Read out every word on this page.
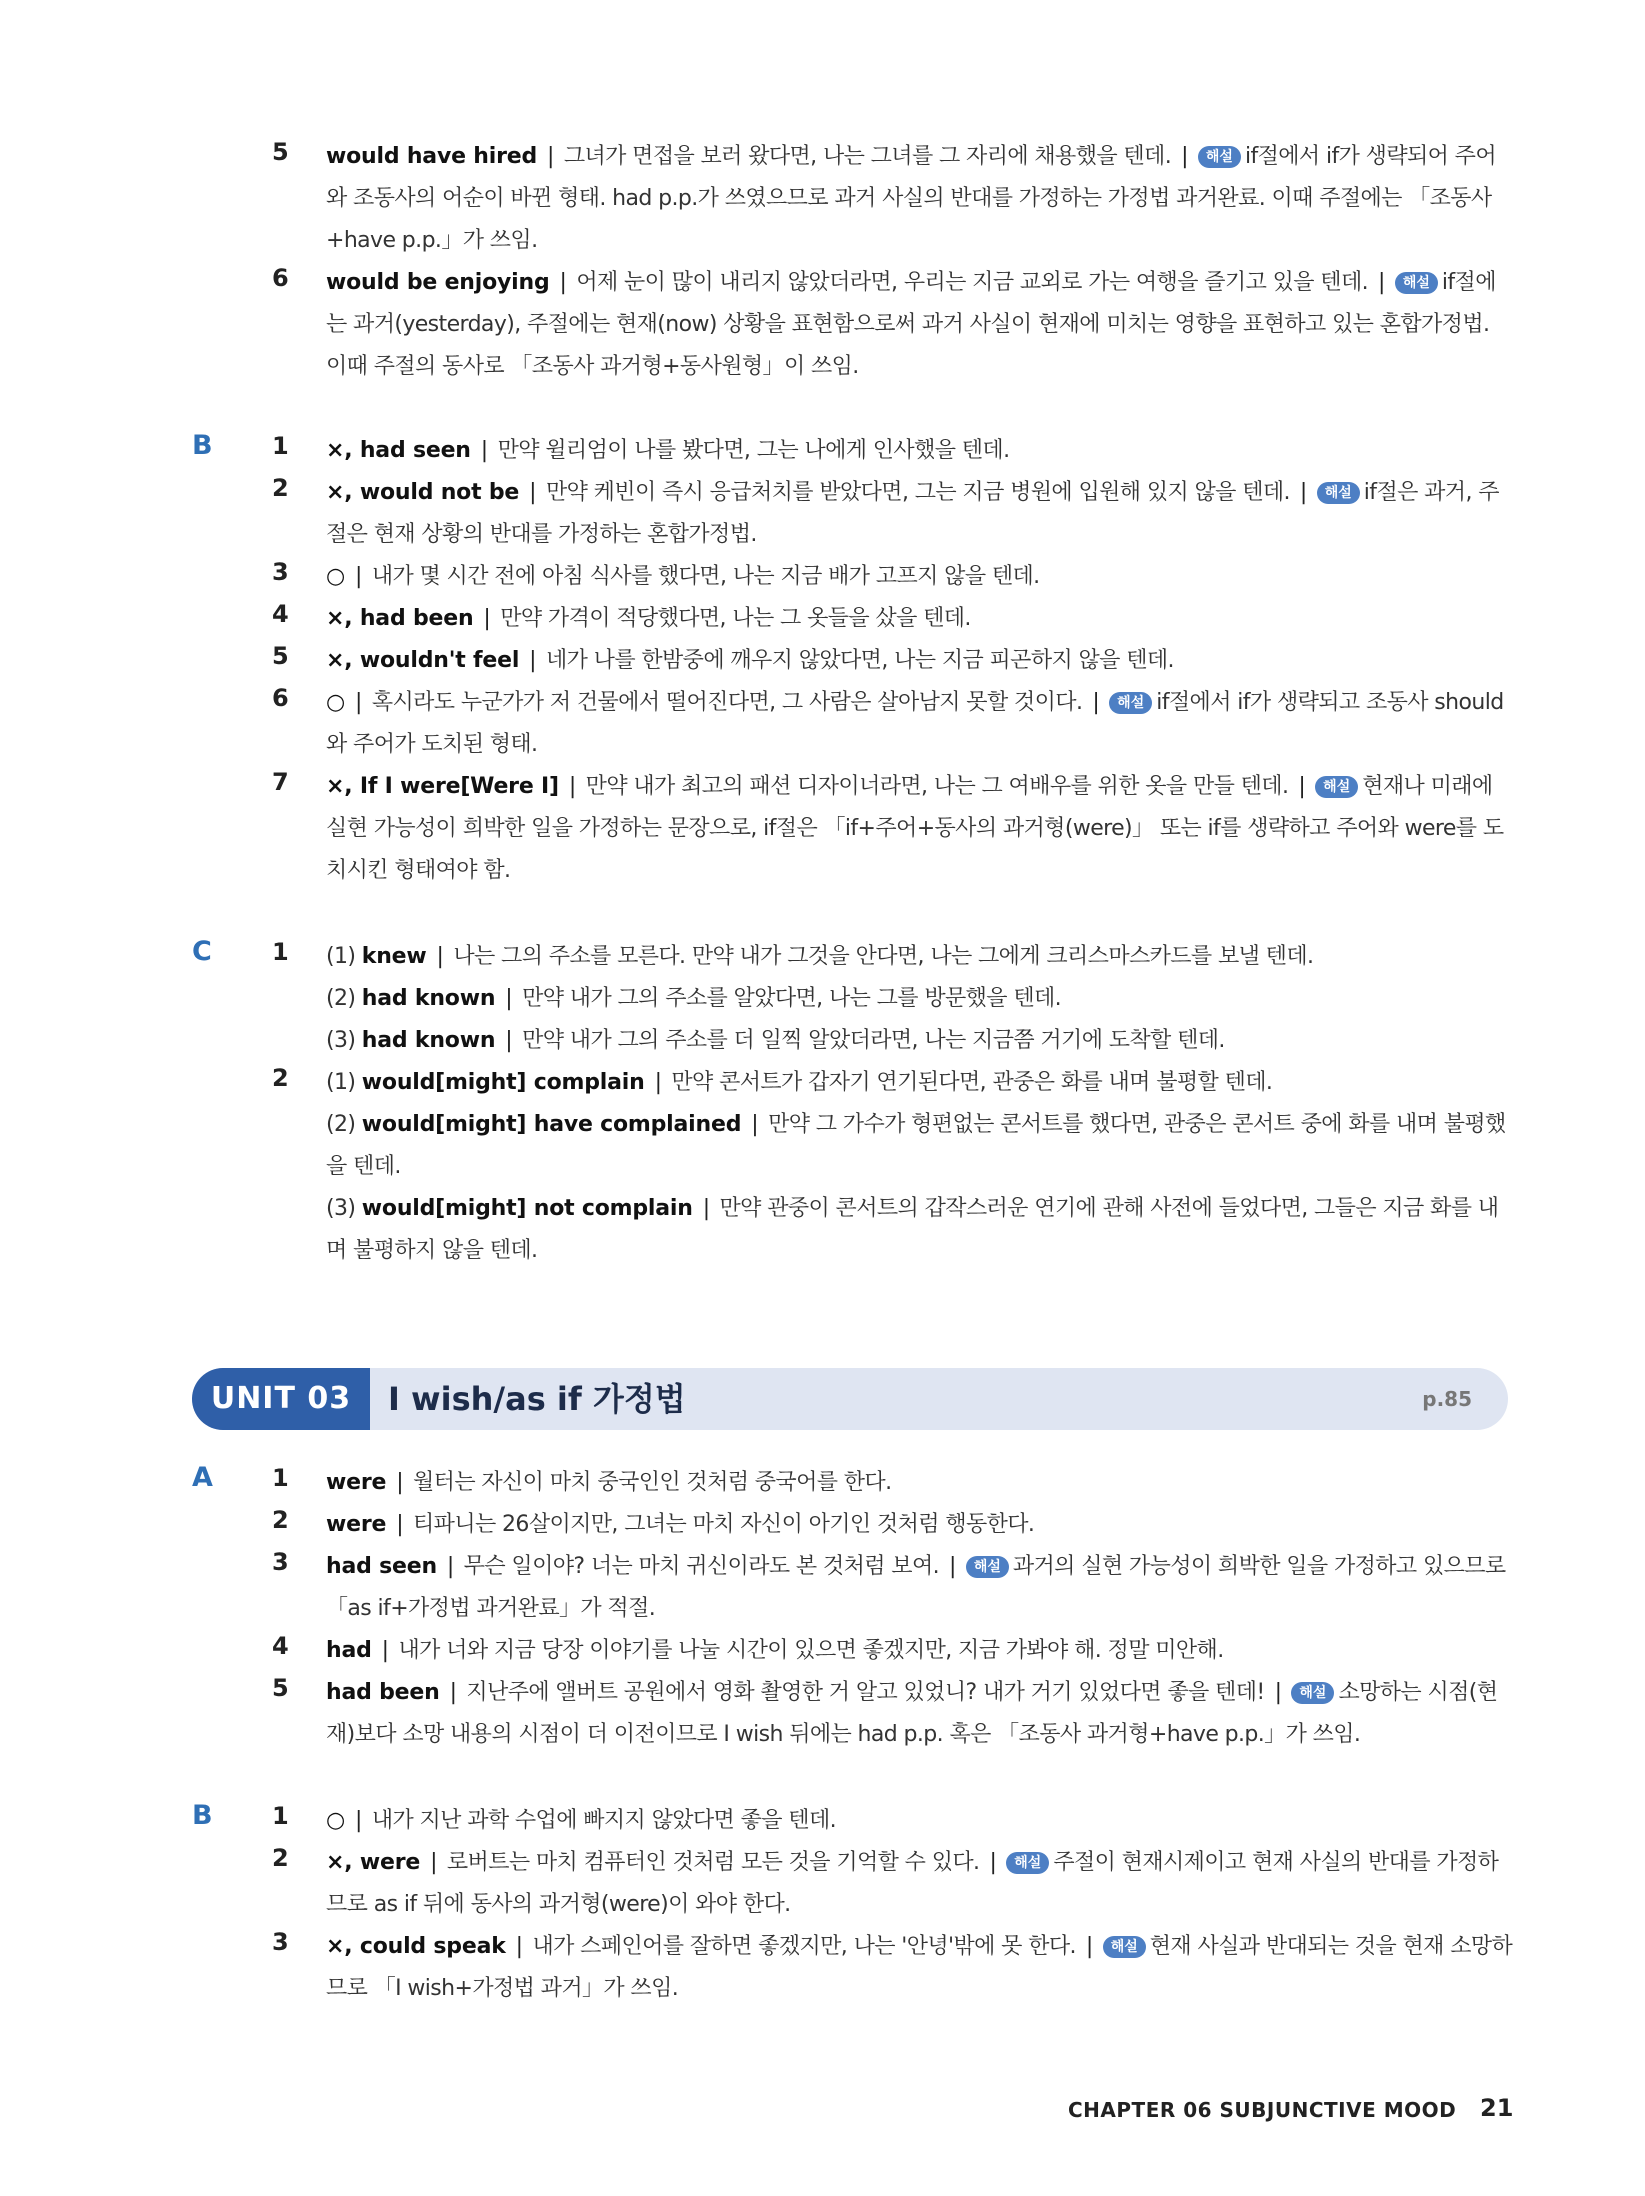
5	would have hired | 그녀가 면접을 보러 왔다면, 나는 그녀를 그 자리에 채용했을 텐데. | 해설 if절에서 if가 생략되어 주어와 조동사의 어순이 바뀐 형태. had p.p.가 쓰였으므로 과거 사실의 반대를 가정하는 가정법 과거완료. 이때 주절에는 「조동사+have p.p.」가 쓰임.
6	would be enjoying | 어제 눈이 많이 내리지 않았더라면, 우리는 지금 교외로 가는 여행을 즐기고 있을 텐데. | 해설 if절에는 과거(yesterday), 주절에는 현재(now) 상황을 표현함으로써 과거 사실이 현재에 미치는 영향을 표현하고 있는 혼합가정법. 이때 주절의 동사로 「조동사 과거형+동사원형」이 쓰임.
B	1	×, had seen | 만약 윌리엄이 나를 봤다면, 그는 나에게 인사했을 텐데.
2	×, would not be | 만약 케빈이 즉시 응급처치를 받았다면, 그는 지금 병원에 입원해 있지 않을 텐데. | 해설 if절은 과거, 주절은 현재 상황의 반대를 가정하는 혼합가정법.
3	○ | 내가 몇 시간 전에 아침 식사를 했다면, 나는 지금 배가 고프지 않을 텐데.
4	×, had been | 만약 가격이 적당했다면, 나는 그 옷들을 샀을 텐데.
5	×, wouldn't feel | 네가 나를 한밤중에 깨우지 않았다면, 나는 지금 피곤하지 않을 텐데.
6	○ | 혹시라도 누군가가 저 건물에서 떨어진다면, 그 사람은 살아남지 못할 것이다. | 해설 if절에서 if가 생략되고 조동사 should와 주어가 도치된 형태.
7	×, If I were[Were I] | 만약 내가 최고의 패션 디자이너라면, 나는 그 여배우를 위한 옷을 만들 텐데. | 해설 현재나 미래에 실현 가능성이 희박한 일을 가정하는 문장으로, if절은 「if+주어+동사의 과거형(were)」 또는 if를 생략하고 주어와 were를 도치시킨 형태여야 함.
C	1	(1) knew | 나는 그의 주소를 모른다. 만약 내가 그것을 안다면, 나는 그에게 크리스마스카드를 보낼 텐데.
(2) had known | 만약 내가 그의 주소를 알았다면, 나는 그를 방문했을 텐데.
(3) had known | 만약 내가 그의 주소를 더 일찍 알았더라면, 나는 지금쯤 거기에 도착할 텐데.
2	(1) would[might] complain | 만약 콘서트가 갑자기 연기된다면, 관중은 화를 내며 불평할 텐데.
(2) would[might] have complained | 만약 그 가수가 형편없는 콘서트를 했다면, 관중은 콘서트 중에 화를 내며 불평했을 텐데.
(3) would[might] not complain | 만약 관중이 콘서트의 갑작스러운 연기에 관해 사전에 들었다면, 그들은 지금 화를 내며 불평하지 않을 텐데.
UNIT 03	I wish/as if 가정법	p.85
A	1	were | 월터는 자신이 마치 중국인인 것처럼 중국어를 한다.
2	were | 티파니는 26살이지만, 그녀는 마치 자신이 아기인 것처럼 행동한다.
3	had seen | 무슨 일이야? 너는 마치 귀신이라도 본 것처럼 보여. | 해설 과거의 실현 가능성이 희박한 일을 가정하고 있으므로 「as if+가정법 과거완료」가 적절.
4	had | 내가 너와 지금 당장 이야기를 나눌 시간이 있으면 좋겠지만, 지금 가봐야 해. 정말 미안해.
5	had been | 지난주에 앨버트 공원에서 영화 촬영한 거 알고 있었니? 내가 거기 있었다면 좋을 텐데! | 해설 소망하는 시점(현재)보다 소망 내용의 시점이 더 이전이므로 I wish 뒤에는 had p.p. 혹은 「조동사 과거형+have p.p.」가 쓰임.
B	1	○ | 내가 지난 과학 수업에 빠지지 않았다면 좋을 텐데.
2	×, were | 로버트는 마치 컴퓨터인 것처럼 모든 것을 기억할 수 있다. | 해설 주절이 현재시제이고 현재 사실의 반대를 가정하므로 as if 뒤에 동사의 과거형(were)이 와야 한다.
3	×, could speak | 내가 스페인어를 잘하면 좋겠지만, 나는 '안녕'밖에 못 한다. | 해설 현재 사실과 반대되는 것을 현재 소망하므로 「I wish+가정법 과거」가 쓰임.
CHAPTER 06 SUBJUNCTIVE MOOD 21
